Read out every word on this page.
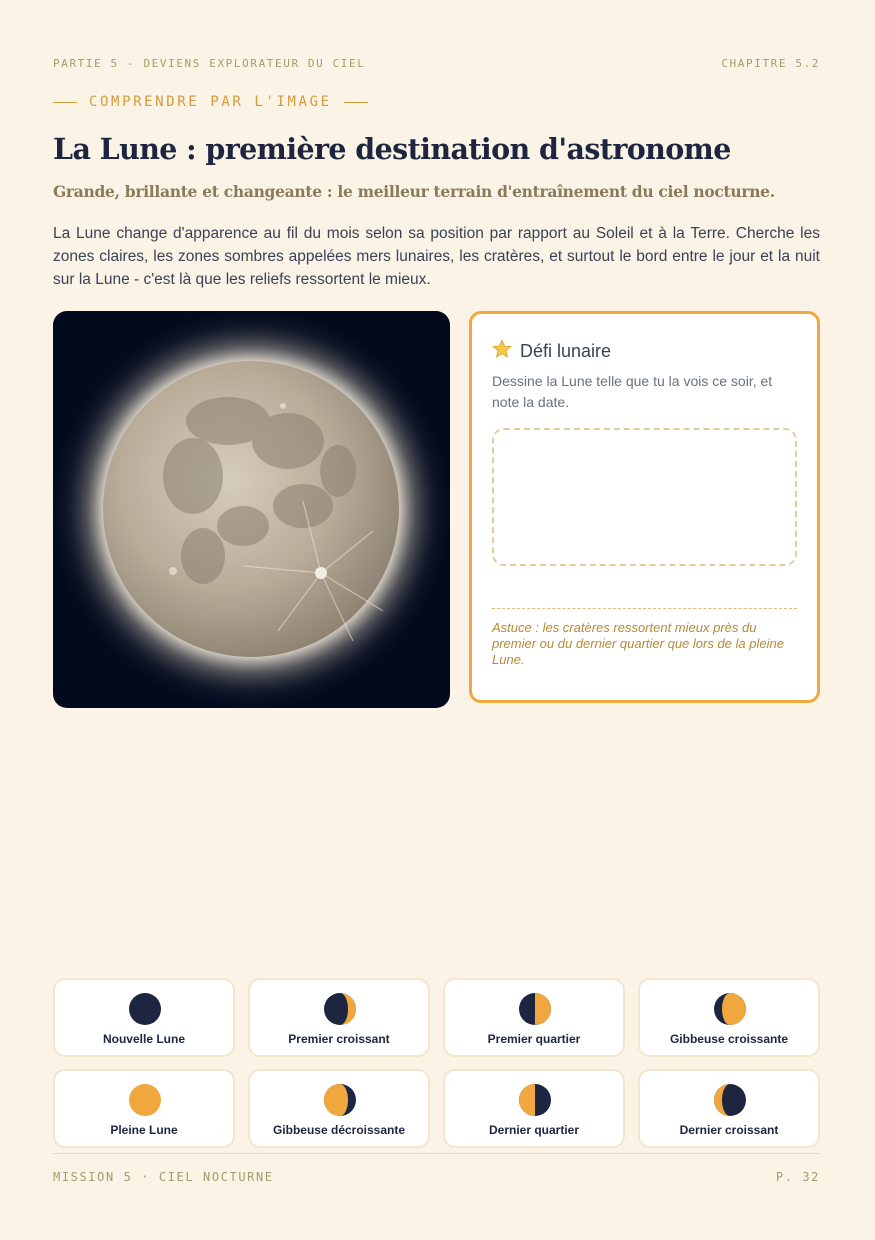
PARTIE 5 - DEVIENS EXPLORATEUR DU CIEL	CHAPITRE 5.2
COMPRENDRE PAR L'IMAGE
La Lune : première destination d'astronome

Grande, brillante et changeante : le meilleur terrain d'entraînement du ciel nocturne.

La Lune change d'apparence au fil du mois selon sa position par rapport au Soleil et à la Terre. Cherche les zones claires, les zones sombres appelées mers lunaires, les cratères, et surtout le bord entre le jour et la nuit sur la Lune - c'est là que les reliefs ressortent le mieux.

Défi lunaire
Dessine la Lune telle que tu la vois ce soir, et note la date.
Astuce : les cratères ressortent mieux près du premier ou du dernier quartier que lors de la pleine Lune.
Nouvelle Lune	Premier croissant	Premier quartier	Gibbeuse croissante
Pleine Lune	Gibbeuse décroissante	Dernier quartier	Dernier croissant
MISSION 5 · CIEL NOCTURNE	P. 32
